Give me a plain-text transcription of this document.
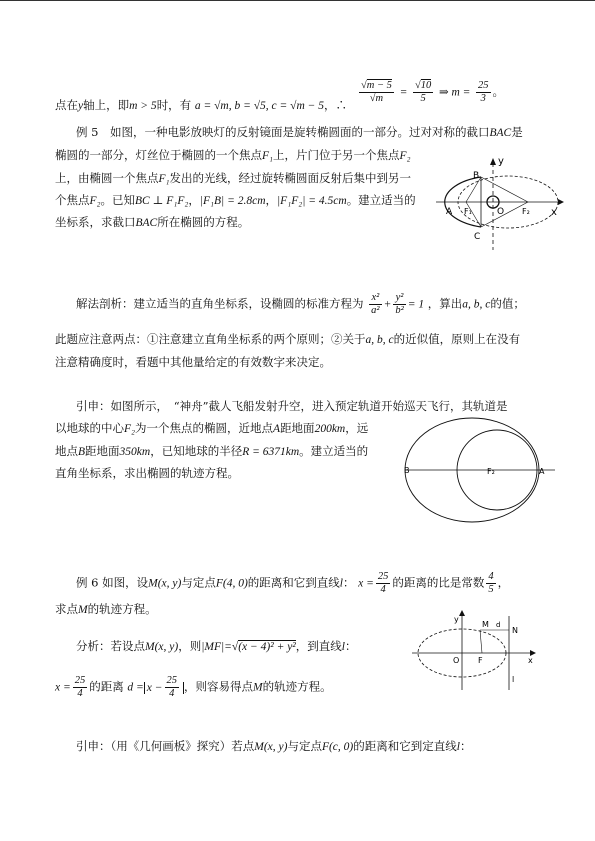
点在y轴上，即m > 5时，有 a = √m, b = √5, c = √m − 5，∴ $\frac{√m - 5}{√m} = \frac{√10}{5}$ ⇒ $m = \frac{25}{3}$ 。
例 5　如图，一种电影放映灯的反射镜面是旋转椭圆面的一部分。过对对称的截口BAC是
椭圆的一部分，灯丝位于椭圆的一个焦点F₁上，片门位于另一个焦点F₂
上，由椭圆一个焦点F₁发出的光线，经过旋转椭圆面反射后集中到另一
个焦点F₂。已知BC ⊥ F₁F₂，|F₁B| = 2.8cm，|F₁F₂| = 4.5cm。建立适当的
坐标系，求截口BAC所在椭圆的方程。
y
x
B
A F₁	O F₂
C
解法剖析：建立适当的直角坐标系，设椭圆的标准方程为 $\frac{\text{x²}}{\text{a²}} + \frac{\text{y²}}{\text{b²}} = 1$ ，算出a, b, c的值；
此题应注意两点：①注意建立直角坐标系的两个原则；②关于a, b, c的近似值，原则上在没有
注意精确度时，看题中其他量给定的有效数字来决定。
引申：如图所示，　“神舟”截人飞船发射升空，进入预定轨道开始巡天飞行，其轨道是
以地球的中心F₂为一个焦点的椭圆，近地点A距地面200km，远
地点B距地面350km，已知地球的半径R = 6371km。建立适当的
直角坐标系，求出椭圆的轨迹方程。	B	F₂	A
例 6 如图，设M(x, y)与定点F(4, 0)的距离和它到直线l： $x = \frac{25}{4}$ 的距离的比是常数 $\frac{4}{5}$ ，
求点M的轨迹方程。
分析：若设点M(x, y)，则|MF|=√(x − 4)² + y²，到直线l：
$x = \frac{25}{4}$ 的距离 $d = x - \frac{25}{4}$ ，则容易得点M的轨迹方程。
y
M d
N
O F	x
l
引申：（用《几何画板》探究）若点M(x, y)与定点F(c, 0)的距离和它到定直线l：
